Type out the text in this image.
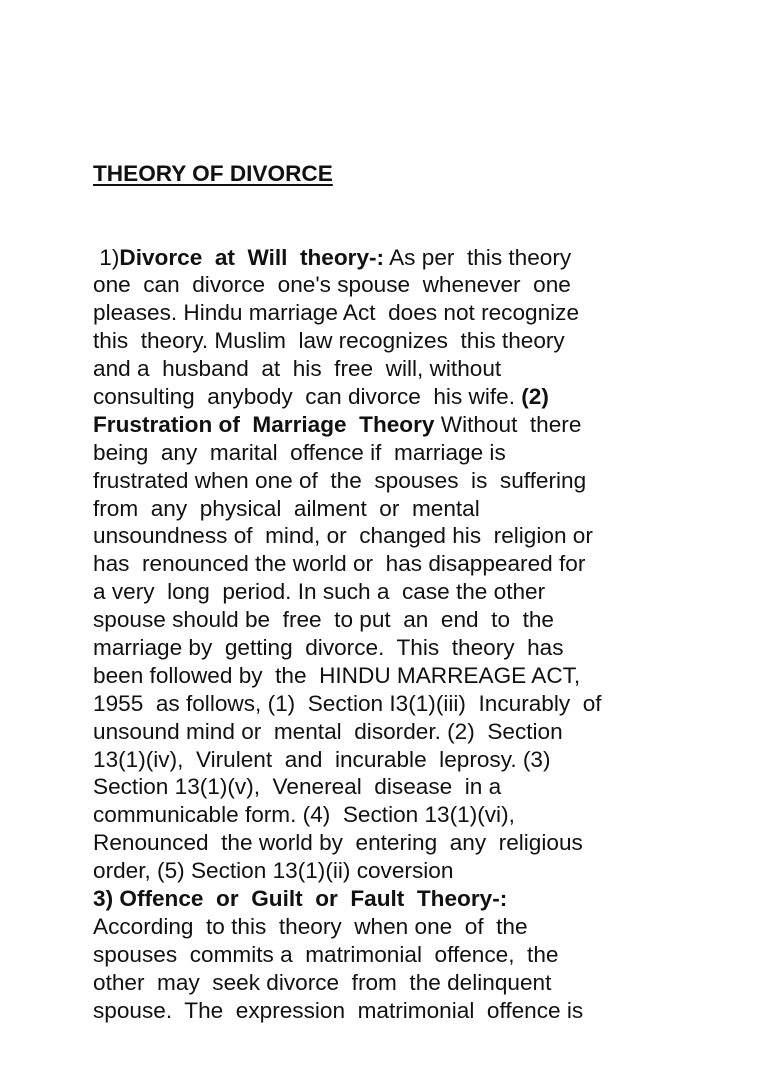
THEORY OF DIVORCE

1)Divorce  at  Will  theory-: As per  this theory
one  can  divorce  one's spouse  whenever  one
pleases. Hindu marriage Act  does not recognize
this  theory. Muslim  law recognizes  this theory
and a  husband  at  his  free  will, without
consulting  anybody  can divorce  his wife. (2)
Frustration of  Marriage  Theory Without  there
being  any  marital  offence if  marriage is
frustrated when one of  the  spouses  is  suffering
from  any  physical  ailment  or  mental
unsoundness of  mind, or  changed his  religion or
has  renounced the world or  has disappeared for
a very  long  period. In such a  case the other
spouse should be  free  to put  an  end  to  the
marriage by  getting  divorce.  This  theory  has
been followed by  the  HINDU MARREAGE ACT,
1955  as follows, (1)  Section I3(1)(iii)  Incurably  of
unsound mind or  mental  disorder. (2)  Section
13(1)(iv),  Virulent  and  incurable  leprosy. (3)
Section 13(1)(v),  Venereal  disease  in a
communicable form. (4)  Section 13(1)(vi),
Renounced  the world by  entering  any  religious
order, (5) Section 13(1)(ii) coversion
3) Offence  or  Guilt  or  Fault  Theory-:
According  to this  theory  when one  of  the
spouses  commits a  matrimonial  offence,  the
other  may  seek divorce  from  the delinquent
spouse.  The  expression  matrimonial  offence is
